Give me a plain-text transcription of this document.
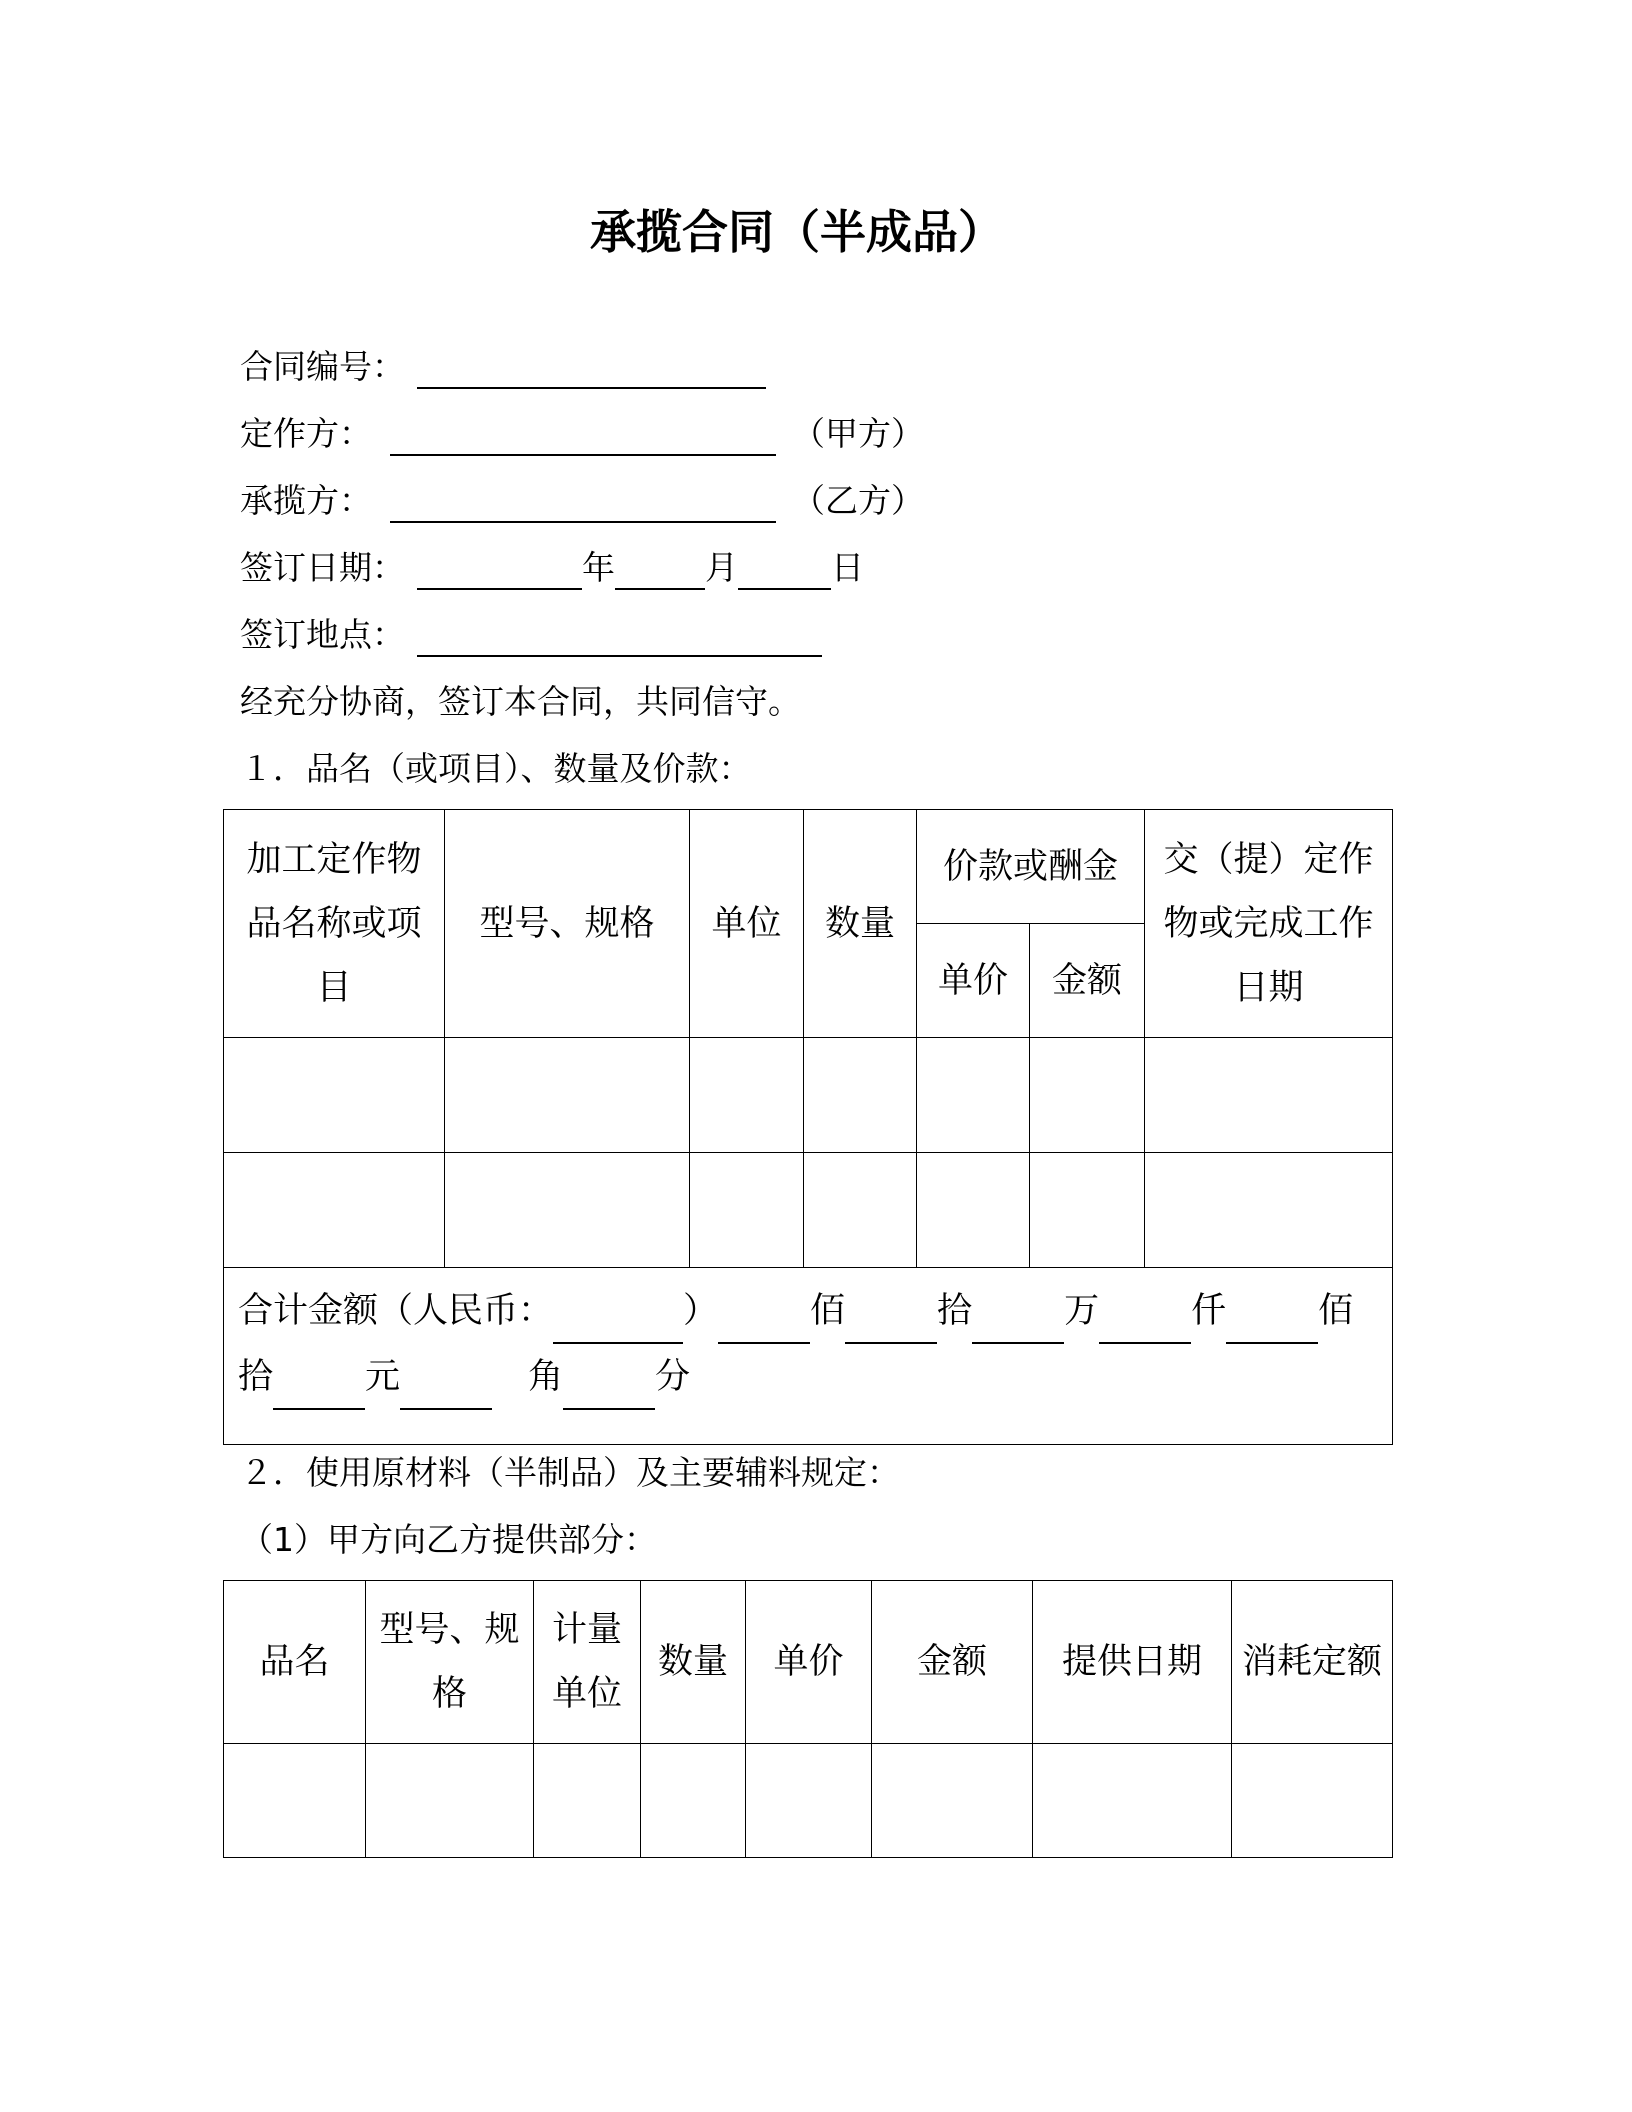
承揽合同（半成品）
合同编号：
定作方：	（甲方）
承揽方：	（乙方）
签订日期：	年	月	日
签订地点：
经充分协商，签订本合同，共同信守。
１．品名（或项目）、数量及价款：
加工定作物品名称或项目	型号、规格	单位	数量	价款或酬金		交（提）定作物或完成工作日期
				单价	金额	

合计金额（人民币： ） 佰 拾 万 仟 佰
拾 元 角 分						
２．使用原材料（半制品）及主要辅料规定：
（1）甲方向乙方提供部分：
品名	型号、规格	计量单位	数量	单价	金额	提供日期	消耗定额
